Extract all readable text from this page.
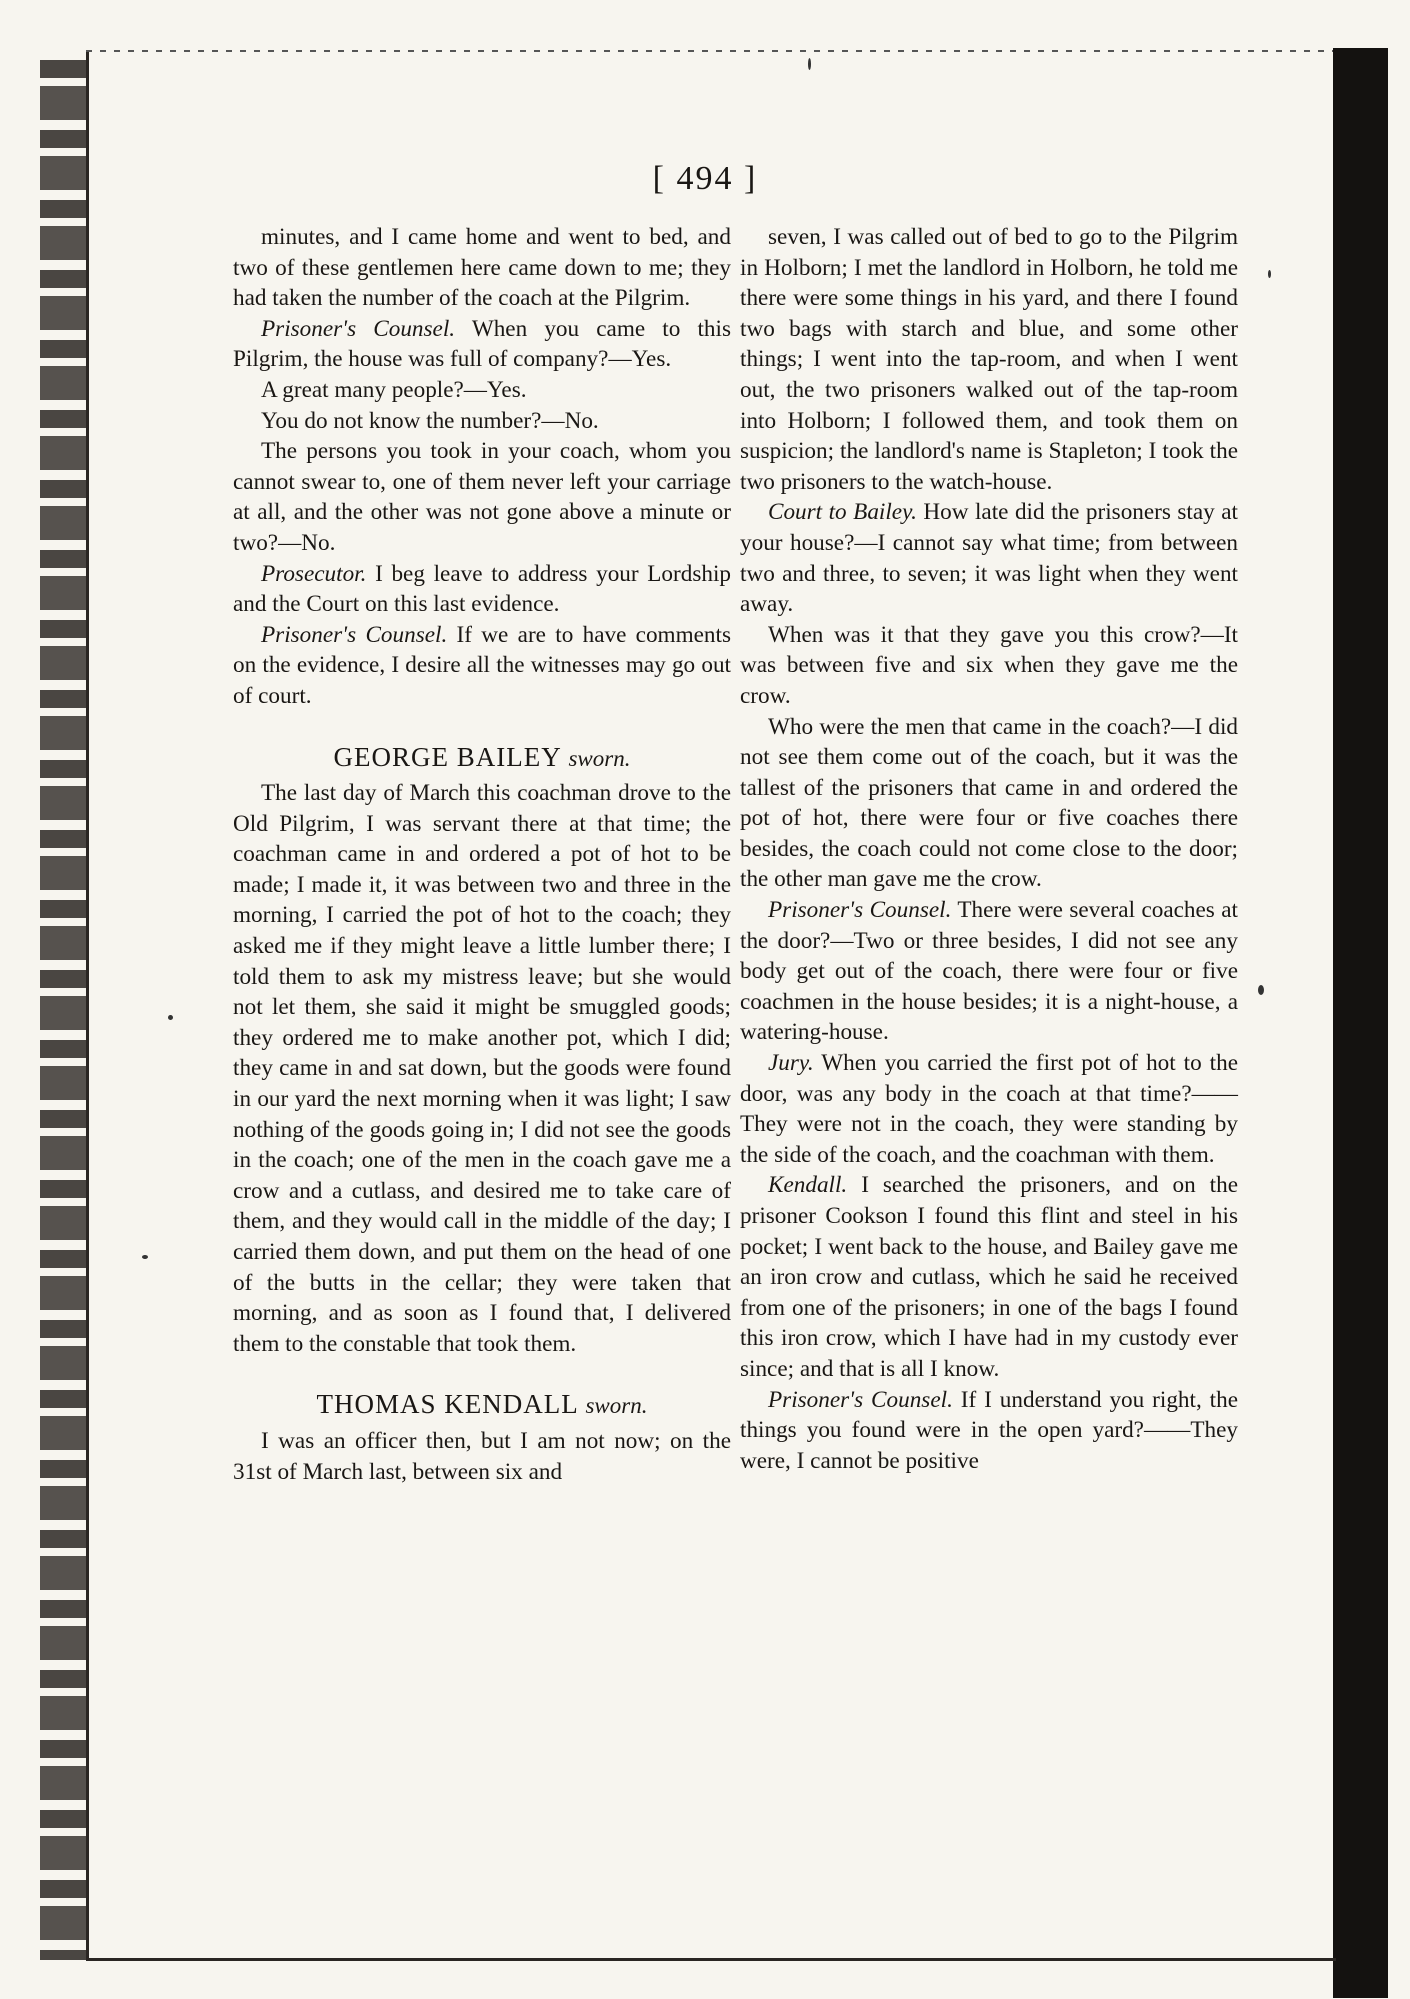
[ 494 ]

minutes, and I came home and went to bed, and two of these gentlemen here came down to me; they had taken the number of the coach at the Pilgrim.

Prisoner's Counsel. When you came to this Pilgrim, the house was full of company?—Yes.

A great many people?—Yes.

You do not know the number?—No.

The persons you took in your coach, whom you cannot swear to, one of them never left your carriage at all, and the other was not gone above a minute or two?—No.

Prosecutor. I beg leave to address your Lordship and the Court on this last evidence.

Prisoner's Counsel. If we are to have comments on the evidence, I desire all the witnesses may go out of court.

GEORGE BAILEY sworn.

The last day of March this coachman drove to the Old Pilgrim, I was servant there at that time; the coachman came in and ordered a pot of hot to be made; I made it, it was between two and three in the morning, I carried the pot of hot to the coach; they asked me if they might leave a little lumber there; I told them to ask my mistress leave; but she would not let them, she said it might be smuggled goods; they ordered me to make another pot, which I did; they came in and sat down, but the goods were found in our yard the next morning when it was light; I saw nothing of the goods going in; I did not see the goods in the coach; one of the men in the coach gave me a crow and a cutlass, and desired me to take care of them, and they would call in the middle of the day; I carried them down, and put them on the head of one of the butts in the cellar; they were taken that morning, and as soon as I found that, I delivered them to the constable that took them.

THOMAS KENDALL sworn.

I was an officer then, but I am not now; on the 31st of March last, between six and

seven, I was called out of bed to go to the Pilgrim in Holborn; I met the landlord in Holborn, he told me there were some things in his yard, and there I found two bags with starch and blue, and some other things; I went into the tap-room, and when I went out, the two prisoners walked out of the tap-room into Holborn; I followed them, and took them on suspicion; the landlord's name is Stapleton; I took the two prisoners to the watch-house.

Court to Bailey. How late did the prisoners stay at your house?—I cannot say what time; from between two and three, to seven; it was light when they went away.

When was it that they gave you this crow?—It was between five and six when they gave me the crow.

Who were the men that came in the coach?—I did not see them come out of the coach, but it was the tallest of the prisoners that came in and ordered the pot of hot, there were four or five coaches there besides, the coach could not come close to the door; the other man gave me the crow.

Prisoner's Counsel. There were several coaches at the door?—Two or three besides, I did not see any body get out of the coach, there were four or five coachmen in the house besides; it is a night-house, a watering-house.

Jury. When you carried the first pot of hot to the door, was any body in the coach at that time?——They were not in the coach, they were standing by the side of the coach, and the coachman with them.

Kendall. I searched the prisoners, and on the prisoner Cookson I found this flint and steel in his pocket; I went back to the house, and Bailey gave me an iron crow and cutlass, which he said he received from one of the prisoners; in one of the bags I found this iron crow, which I have had in my custody ever since; and that is all I know.

Prisoner's Counsel. If I understand you right, the things you found were in the open yard?——They were, I cannot be positive
